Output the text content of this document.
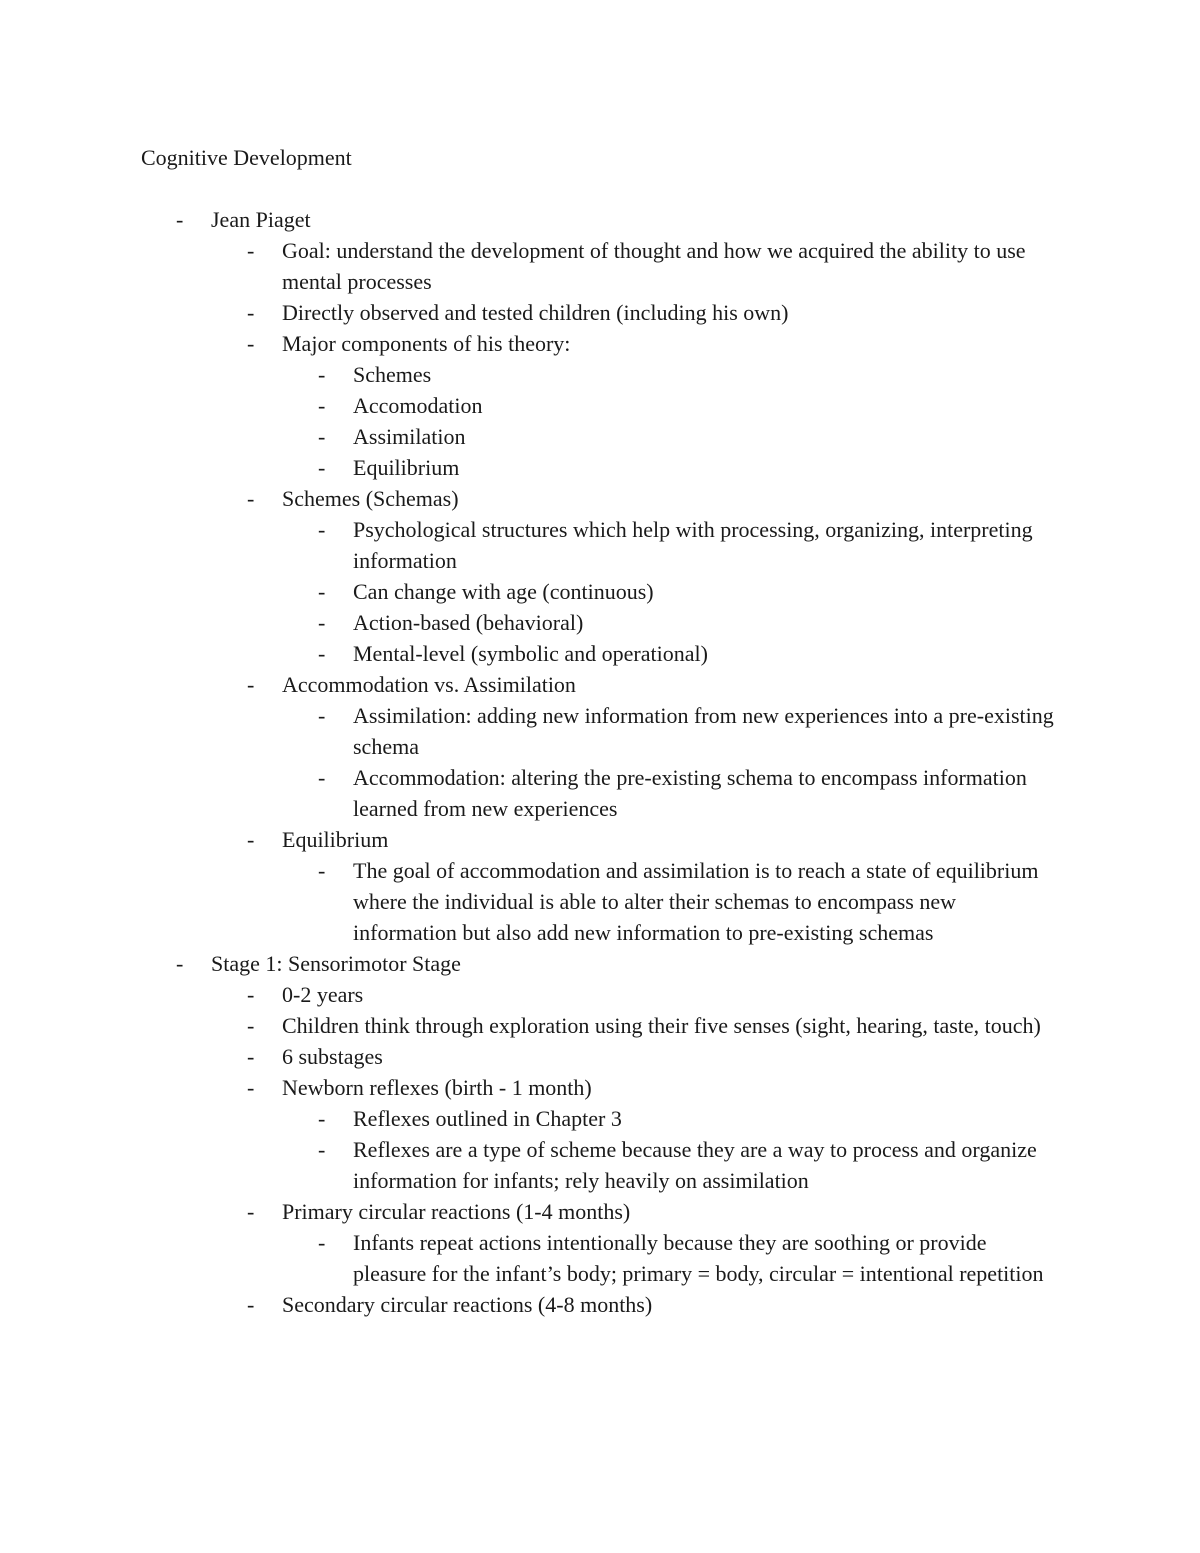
Cognitive Development
- Jean Piaget
- Goal: understand the development of thought and how we acquired the ability to use mental processes
- Directly observed and tested children (including his own)
- Major components of his theory:
- Schemes
- Accomodation
- Assimilation
- Equilibrium
- Schemes (Schemas)
- Psychological structures which help with processing, organizing, interpreting information
- Can change with age (continuous)
- Action-based (behavioral)
- Mental-level (symbolic and operational)
- Accommodation vs. Assimilation
- Assimilation: adding new information from new experiences into a pre-existing schema
- Accommodation: altering the pre-existing schema to encompass information learned from new experiences
- Equilibrium
- The goal of accommodation and assimilation is to reach a state of equilibrium where the individual is able to alter their schemas to encompass new information but also add new information to pre-existing schemas
- Stage 1: Sensorimotor Stage
- 0-2 years
- Children think through exploration using their five senses (sight, hearing, taste, touch)
- 6 substages
- Newborn reflexes (birth - 1 month)
- Reflexes outlined in Chapter 3
- Reflexes are a type of scheme because they are a way to process and organize information for infants; rely heavily on assimilation
- Primary circular reactions (1-4 months)
- Infants repeat actions intentionally because they are soothing or provide pleasure for the infant’s body; primary = body, circular = intentional repetition
- Secondary circular reactions (4-8 months)
